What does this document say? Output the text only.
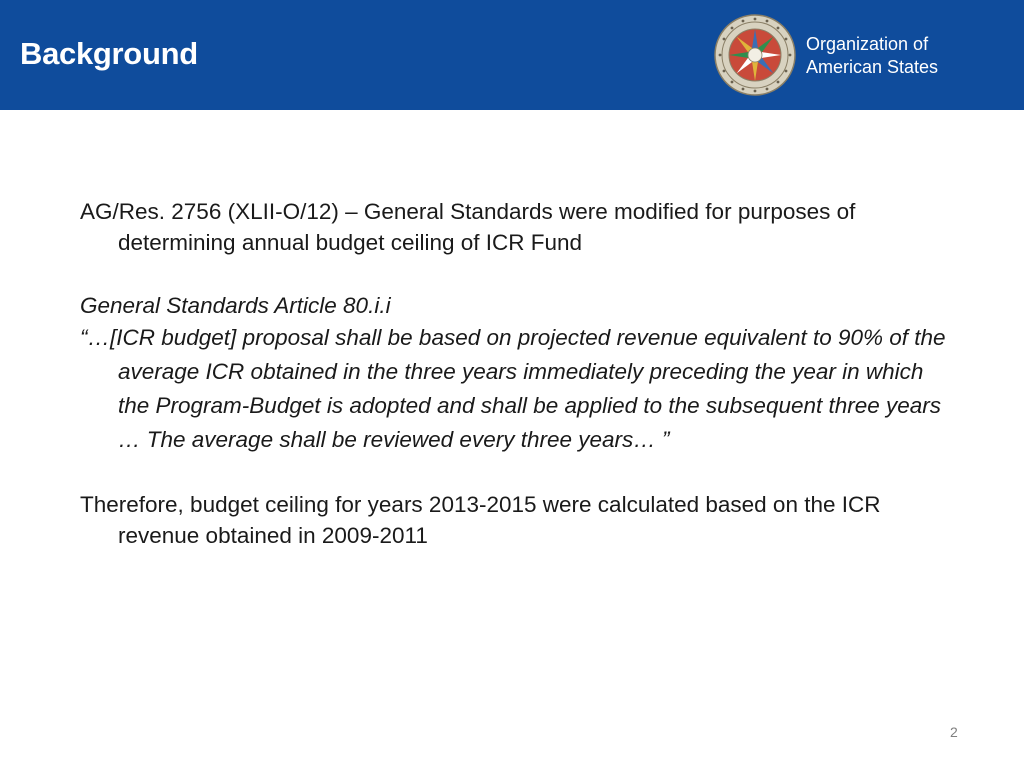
Background	Organization of
American States

AG/Res. 2756 (XLII-O/12) – General Standards were modified for purposes of determining annual budget ceiling of ICR Fund

General Standards Article 80.i.i

“…[ICR budget] proposal shall be based on projected revenue equivalent to 90% of the average ICR obtained in the three years immediately preceding the year in which the Program-Budget is adopted and shall be applied to the subsequent three years … The average shall be reviewed every three years… ”

Therefore, budget ceiling for years 2013-2015 were calculated based on the ICR revenue obtained in 2009-2011

2
